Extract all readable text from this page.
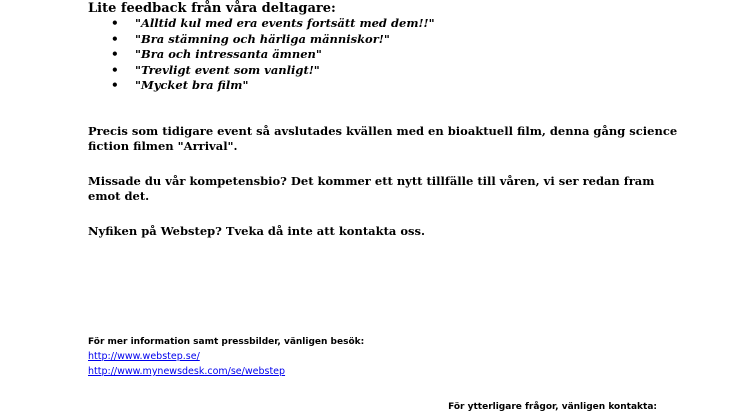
Lite feedback från våra deltagare:
• "Alltid kul med era events fortsätt med dem!!"
• "Bra stämning och härliga människor!"
• "Bra och intressanta ämnen"
• "Trevligt event som vanligt!"
• "Mycket bra film"

Precis som tidigare event så avslutades kvällen med en bioaktuell film, denna gång science fiction filmen "Arrival".

Missade du vår kompetensbio? Det kommer ett nytt tillfälle till våren, vi ser redan fram emot det.

Nyfiken på Webstep? Tveka då inte att kontakta oss.

För mer information samt pressbilder, vänligen besök:

http://www.webstep.se/
http://www.mynewsdesk.com/se/webstep

För ytterligare frågor, vänligen kontakta:
